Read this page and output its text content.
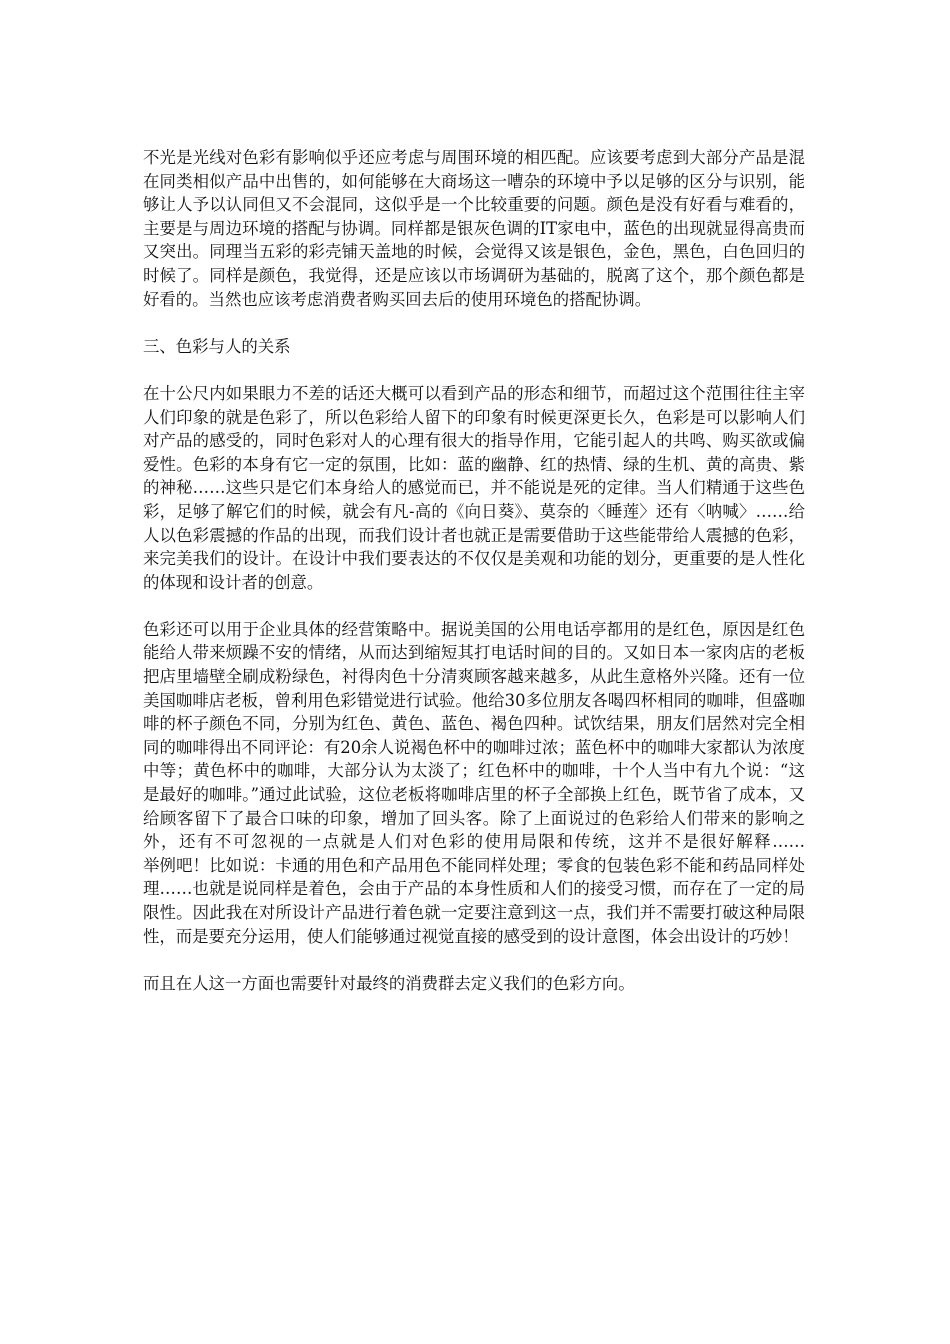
不光是光线对色彩有影响似乎还应考虑与周围环境的相匹配。应该要考虑到大部分产品是混在同类相似产品中出售的，如何能够在大商场这一嘈杂的环境中予以足够的区分与识别，能够让人予以认同但又不会混同，这似乎是一个比较重要的问题。颜色是没有好看与难看的，主要是与周边环境的搭配与协调。同样都是银灰色调的IT家电中，蓝色的出现就显得高贵而又突出。同理当五彩的彩壳铺天盖地的时候，会觉得又该是银色，金色，黑色，白色回归的时候了。同样是颜色，我觉得，还是应该以市场调研为基础的，脱离了这个，那个颜色都是好看的。当然也应该考虑消费者购买回去后的使用环境色的搭配协调。

三、色彩与人的关系

在十公尺内如果眼力不差的话还大概可以看到产品的形态和细节，而超过这个范围往往主宰人们印象的就是色彩了，所以色彩给人留下的印象有时候更深更长久，色彩是可以影响人们对产品的感受的，同时色彩对人的心理有很大的指导作用，它能引起人的共鸣、购买欲或偏爱性。色彩的本身有它一定的氛围，比如：蓝的幽静、红的热情、绿的生机、黄的高贵、紫的神秘……这些只是它们本身给人的感觉而已，并不能说是死的定律。当人们精通于这些色彩，足够了解它们的时候，就会有凡-高的《向日葵》、莫奈的〈睡莲〉还有〈呐喊〉……给人以色彩震撼的作品的出现，而我们设计者也就正是需要借助于这些能带给人震撼的色彩，来完美我们的设计。在设计中我们要表达的不仅仅是美观和功能的划分，更重要的是人性化的体现和设计者的创意。

色彩还可以用于企业具体的经营策略中。据说美国的公用电话亭都用的是红色，原因是红色能给人带来烦躁不安的情绪，从而达到缩短其打电话时间的目的。又如日本一家肉店的老板把店里墙壁全刷成粉绿色，衬得肉色十分清爽顾客越来越多，从此生意格外兴隆。还有一位美国咖啡店老板，曾利用色彩错觉进行试验。他给30多位朋友各喝四杯相同的咖啡，但盛咖啡的杯子颜色不同，分别为红色、黄色、蓝色、褐色四种。试饮结果，朋友们居然对完全相同的咖啡得出不同评论：有20余人说褐色杯中的咖啡过浓；蓝色杯中的咖啡大家都认为浓度中等；黄色杯中的咖啡，大部分认为太淡了；红色杯中的咖啡，十个人当中有九个说：“这是最好的咖啡。”通过此试验，这位老板将咖啡店里的杯子全部换上红色，既节省了成本，又给顾客留下了最合口味的印象，增加了回头客。除了上面说过的色彩给人们带来的影响之外，还有不可忽视的一点就是人们对色彩的使用局限和传统，这并不是很好解释……　　　　举例吧！比如说：卡通的用色和产品用色不能同样处理；零食的包装色彩不能和药品同样处理……也就是说同样是着色，会由于产品的本身性质和人们的接受习惯，而存在了一定的局限性。因此我在对所设计产品进行着色就一定要注意到这一点，我们并不需要打破这种局限性，而是要充分运用，使人们能够通过视觉直接的感受到的设计意图，体会出设计的巧妙！

而且在人这一方面也需要针对最终的消费群去定义我们的色彩方向。
